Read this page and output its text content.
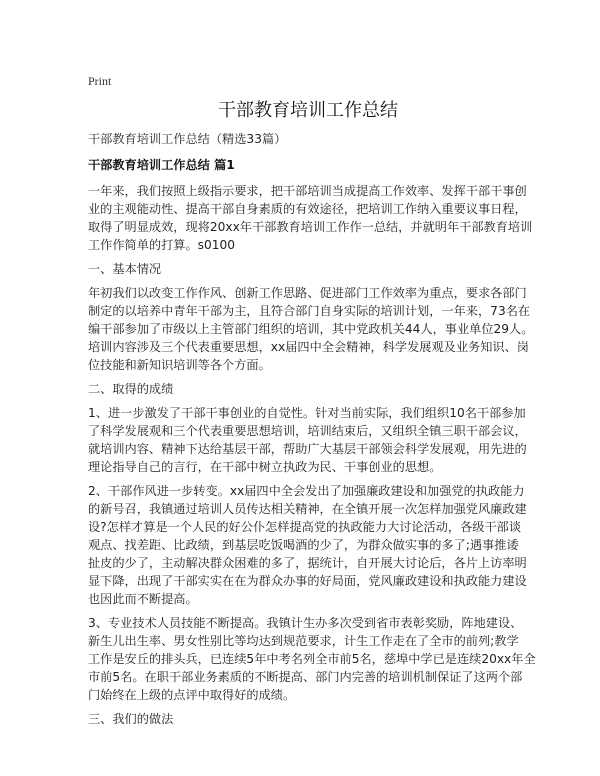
Print
干部教育培训工作总结
干部教育培训工作总结（精选33篇）
干部教育培训工作总结 篇1
一年来，我们按照上级指示要求，把干部培训当成提高工作效率、发挥干部干事创
业的主观能动性、提高干部自身素质的有效途径，把培训工作纳入重要议事日程，
取得了明显成效，现将20xx年干部教育培训工作作一总结，并就明年干部教育培训
工作作简单的打算。s0100
一、基本情况
年初我们以改变工作作风、创新工作思路、促进部门工作效率为重点，要求各部门
制定的以培养中青年干部为主，且符合部门自身实际的培训计划，一年来，73名在
编干部参加了市级以上主管部门组织的培训，其中党政机关44人，事业单位29人。
培训内容涉及三个代表重要思想，xx届四中全会精神，科学发展观及业务知识、岗
位技能和新知识培训等各个方面。
二、取得的成绩
1、进一步激发了干部干事创业的自觉性。针对当前实际，我们组织10名干部参加
了科学发展观和三个代表重要思想培训，培训结束后，又组织全镇三职干部会议，
就培训内容、精神下达给基层干部，帮助广大基层干部领会科学发展观，用先进的
理论指导自己的言行，在干部中树立执政为民、干事创业的思想。
2、干部作风进一步转变。xx届四中全会发出了加强廉政建设和加强党的执政能力
的新号召，我镇通过培训人员传达相关精神，在全镇开展一次怎样加强党风廉政建
设?怎样才算是一个人民的好公仆怎样提高党的执政能力大讨论活动，各级干部谈
观点、找差距、比政绩，到基层吃饭喝酒的少了，为群众做实事的多了;遇事推诿
扯皮的少了，主动解决群众困难的多了，据统计，自开展大讨论后，各片上访率明
显下降，出现了干部实实在在为群众办事的好局面，党风廉政建设和执政能力建设
也因此而不断提高。
3、专业技术人员技能不断提高。我镇计生办多次受到省市表彰奖励，阵地建设、
新生儿出生率、男女性别比等均达到规范要求，计生工作走在了全市的前列;教学
工作是安丘的排头兵，已连续5年中考名列全市前5名，慈埠中学已是连续20xx年全
市前5名。在职干部业务素质的不断提高、部门内完善的培训机制保证了这两个部
门始终在上级的点评中取得好的成绩。
三、我们的做法
